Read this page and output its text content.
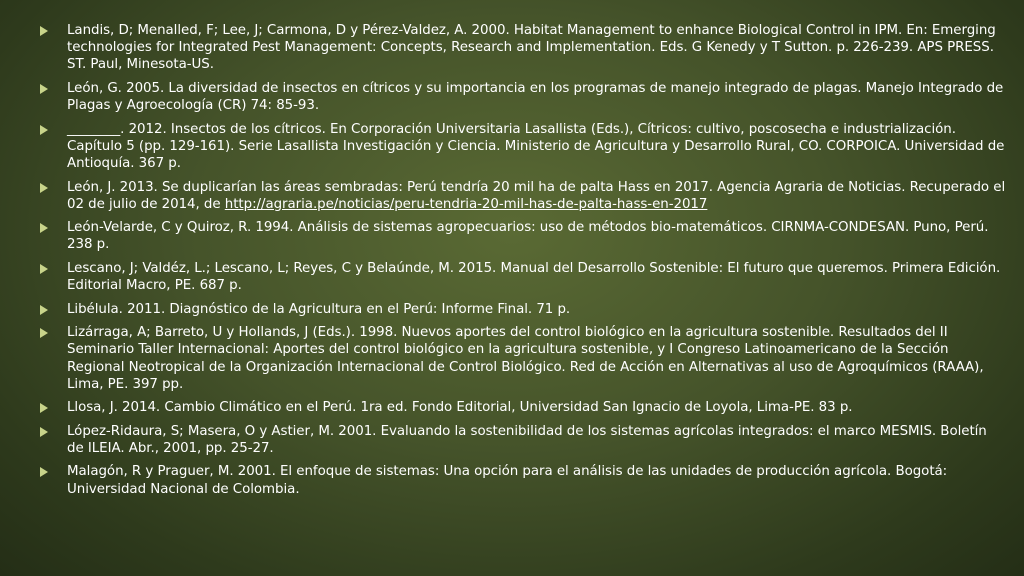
Landis, D; Menalled, F; Lee, J; Carmona, D y Pérez-Valdez, A. 2000. Habitat Management to enhance Biological Control in IPM. En: Emerging technologies for Integrated Pest Management: Concepts, Research and Implementation. Eds. G Kenedy y T Sutton. p. 226-239. APS PRESS. ST. Paul, Minesota-US.
León, G. 2005. La diversidad de insectos en cítricos y su importancia en los programas de manejo integrado de plagas. Manejo Integrado de Plagas y Agroecología (CR) 74: 85-93.
________. 2012. Insectos de los cítricos. En Corporación Universitaria Lasallista (Eds.), Cítricos: cultivo, poscosecha e industrialización. Capítulo 5 (pp. 129-161). Serie Lasallista Investigación y Ciencia. Ministerio de Agricultura y Desarrollo Rural, CO. CORPOICA. Universidad de Antioquía. 367 p.
León, J. 2013. Se duplicarían las áreas sembradas: Perú tendría 20 mil ha de palta Hass en 2017. Agencia Agraria de Noticias. Recuperado el 02 de julio de 2014, de http://agraria.pe/noticias/peru-tendria-20-mil-has-de-palta-hass-en-2017
León-Velarde, C y Quiroz, R. 1994. Análisis de sistemas agropecuarios: uso de métodos bio-matemáticos. CIRNMA-CONDESAN. Puno, Perú. 238 p.
Lescano, J; Valdéz, L.; Lescano, L; Reyes, C y Belaúnde, M. 2015. Manual del Desarrollo Sostenible: El futuro que queremos. Primera Edición. Editorial Macro, PE. 687 p.
Libélula. 2011. Diagnóstico de la Agricultura en el Perú: Informe Final. 71 p.
Lizárraga, A; Barreto, U y Hollands, J (Eds.). 1998. Nuevos aportes del control biológico en la agricultura sostenible. Resultados del II Seminario Taller Internacional: Aportes del control biológico en la agricultura sostenible, y I Congreso Latinoamericano de la Sección Regional Neotropical de la Organización Internacional de Control Biológico. Red de Acción en Alternativas al uso de Agroquímicos (RAAA), Lima, PE. 397 pp.
Llosa, J. 2014. Cambio Climático en el Perú. 1ra ed. Fondo Editorial, Universidad San Ignacio de Loyola, Lima-PE. 83 p.
López-Ridaura, S; Masera, O y Astier, M. 2001. Evaluando la sostenibilidad de los sistemas agrícolas integrados: el marco MESMIS. Boletín de ILEIA. Abr., 2001, pp. 25-27.
Malagón, R y Praguer, M. 2001. El enfoque de sistemas: Una opción para el análisis de las unidades de producción agrícola. Bogotá: Universidad Nacional de Colombia.
